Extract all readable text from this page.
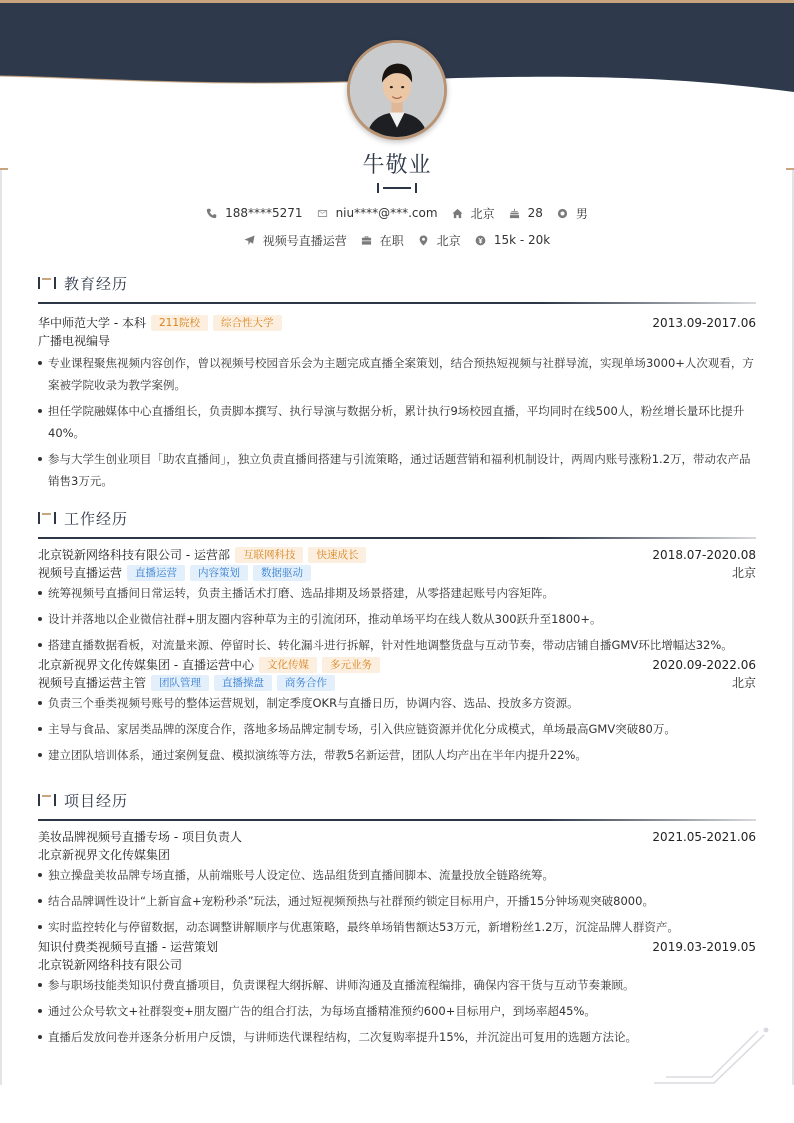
牛敬业
188****5271	niu****@***.com	北京	28	男
视频号直播运营	在职	北京	15k - 20k
教育经历
华中师范大学 - 本科	211院校	综合性大学	2013.09-2017.06
广播电视编导
专业课程聚焦视频内容创作，曾以视频号校园音乐会为主题完成直播全案策划，结合预热短视频与社群导流，实现单场3000+人次观看，方案被学院收录为教学案例。
担任学院融媒体中心直播组长，负责脚本撰写、执行导演与数据分析，累计执行9场校园直播，平均同时在线500人，粉丝增长量环比提升40%。
参与大学生创业项目「助农直播间」，独立负责直播间搭建与引流策略，通过话题营销和福利机制设计，两周内账号涨粉1.2万，带动农产品销售3万元。
工作经历
北京锐新网络科技有限公司 - 运营部	互联网科技	快速成长	2018.07-2020.08
视频号直播运营	直播运营	内容策划	数据驱动	北京
统筹视频号直播间日常运转，负责主播话术打磨、选品排期及场景搭建，从零搭建起账号内容矩阵。
设计并落地以企业微信社群+朋友圈内容种草为主的引流闭环，推动单场平均在线人数从300跃升至1800+。
搭建直播数据看板，对流量来源、停留时长、转化漏斗进行拆解，针对性地调整货盘与互动节奏，带动店铺自播GMV环比增幅达32%。
北京新视界文化传媒集团 - 直播运营中心	文化传媒	多元业务	2020.09-2022.06
视频号直播运营主管	团队管理	直播操盘	商务合作	北京
负责三个垂类视频号账号的整体运营规划，制定季度OKR与直播日历，协调内容、选品、投放多方资源。
主导与食品、家居类品牌的深度合作，落地多场品牌定制专场，引入供应链资源并优化分成模式，单场最高GMV突破80万。
建立团队培训体系，通过案例复盘、模拟演练等方法，带教5名新运营，团队人均产出在半年内提升22%。
项目经历
美妆品牌视频号直播专场 - 项目负责人	2021.05-2021.06
北京新视界文化传媒集团
独立操盘美妆品牌专场直播，从前端账号人设定位、选品组货到直播间脚本、流量投放全链路统筹。
结合品牌调性设计“上新盲盒+宠粉秒杀”玩法，通过短视频预热与社群预约锁定目标用户，开播15分钟场观突破8000。
实时监控转化与停留数据，动态调整讲解顺序与优惠策略，最终单场销售额达53万元，新增粉丝1.2万，沉淀品牌人群资产。
知识付费类视频号直播 - 运营策划	2019.03-2019.05
北京锐新网络科技有限公司
参与职场技能类知识付费直播项目，负责课程大纲拆解、讲师沟通及直播流程编排，确保内容干货与互动节奏兼顾。
通过公众号软文+社群裂变+朋友圈广告的组合打法，为每场直播精准预约600+目标用户，到场率超45%。
直播后发放问卷并逐条分析用户反馈，与讲师迭代课程结构，二次复购率提升15%，并沉淀出可复用的选题方法论。
